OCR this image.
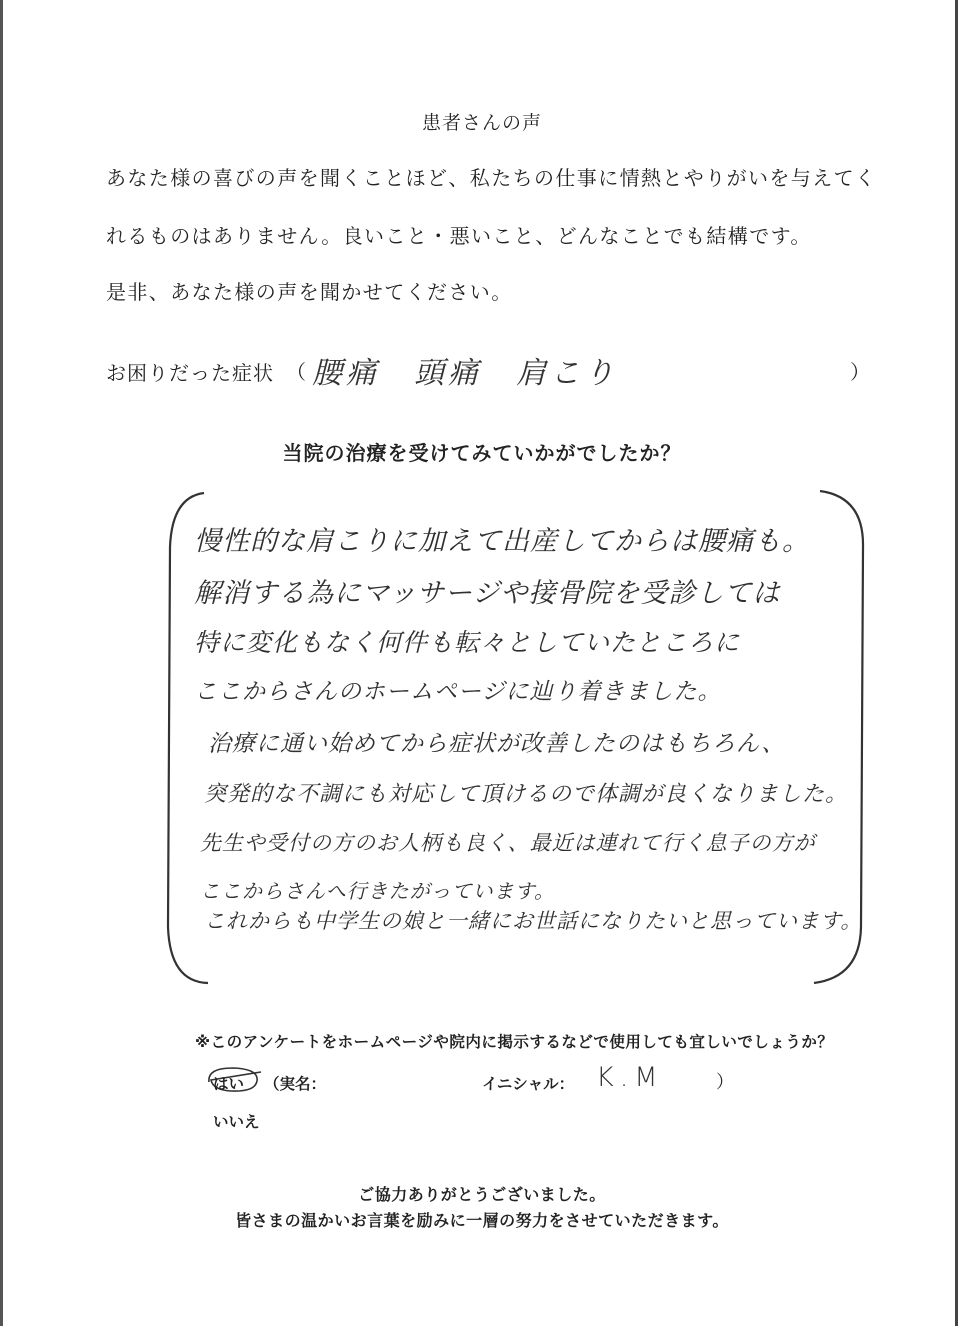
患者さんの声
あなた様の喜びの声を聞くことほど、私たちの仕事に情熱とやりがいを与えてく
れるものはありません。良いこと・悪いこと、どんなことでも結構です。
是非、あなた様の声を聞かせてください。
お困りだった症状 （ 腰痛　頭痛　肩こり	）
当院の治療を受けてみていかがでしたか？
慢性的な肩こりに加えて出産してからは腰痛も。
解消する為にマッサージや接骨院を受診しては
特に変化もなく何件も転々としていたところに
ここからさんのホームページに辿り着きました。
治療に通い始めてから症状が改善したのはもちろん、
突発的な不調にも対応して頂けるので体調が良くなりました。
先生や受付の方のお人柄も良く、最近は連れて行く息子の方が
ここからさんへ行きたがっています。
これからも中学生の娘と一緒にお世話になりたいと思っています。
※このアンケートをホームページや院内に掲示するなどで使用しても宜しいでしょうか？
はい
いいえ
（実名：	イニシャル： K.M	）
ご協力ありがとうございました。
皆さまの温かいお言葉を励みに一層の努力をさせていただきます。
